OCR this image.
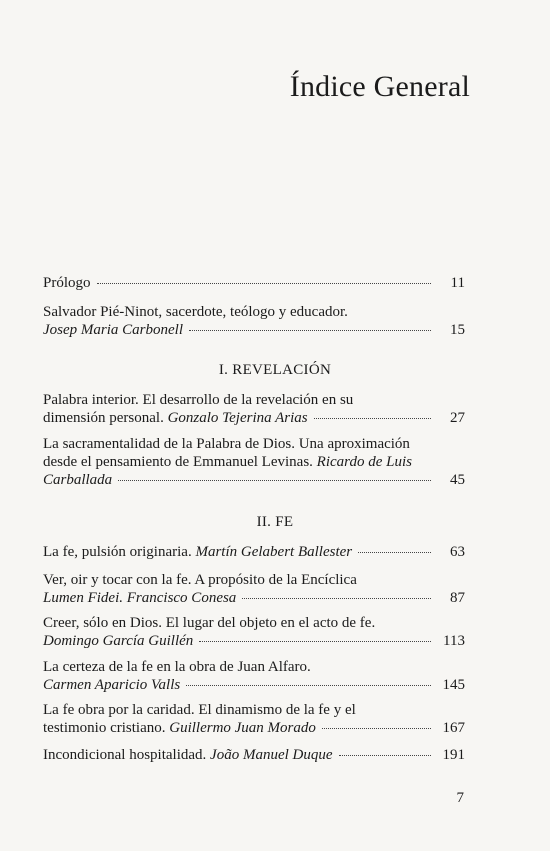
Índice General
Prólogo	11

Salvador Pié-Ninot, sacerdote, teólogo y educador.

Josep Maria Carbonell	15
I. REVELACIÓN

Palabra interior. El desarrollo de la revelación en su

dimensión personal. Gonzalo Tejerina Arias	27

La sacramentalidad de la Palabra de Dios. Una aproximación

desde el pensamiento de Emmanuel Levinas. Ricardo de Luis

Carballada	45
II. FE
La fe, pulsión originaria. Martín Gelabert Ballester	63

Ver, oir y tocar con la fe. A propósito de la Encíclica

Lumen Fidei. Francisco Conesa	87

Creer, sólo en Dios. El lugar del objeto en el acto de fe.

Domingo García Guillén	113

La certeza de la fe en la obra de Juan Alfaro.

Carmen Aparicio Valls	145

La fe obra por la caridad. El dinamismo de la fe y el

testimonio cristiano. Guillermo Juan Morado	167
Incondicional hospitalidad. João Manuel Duque	191
7
